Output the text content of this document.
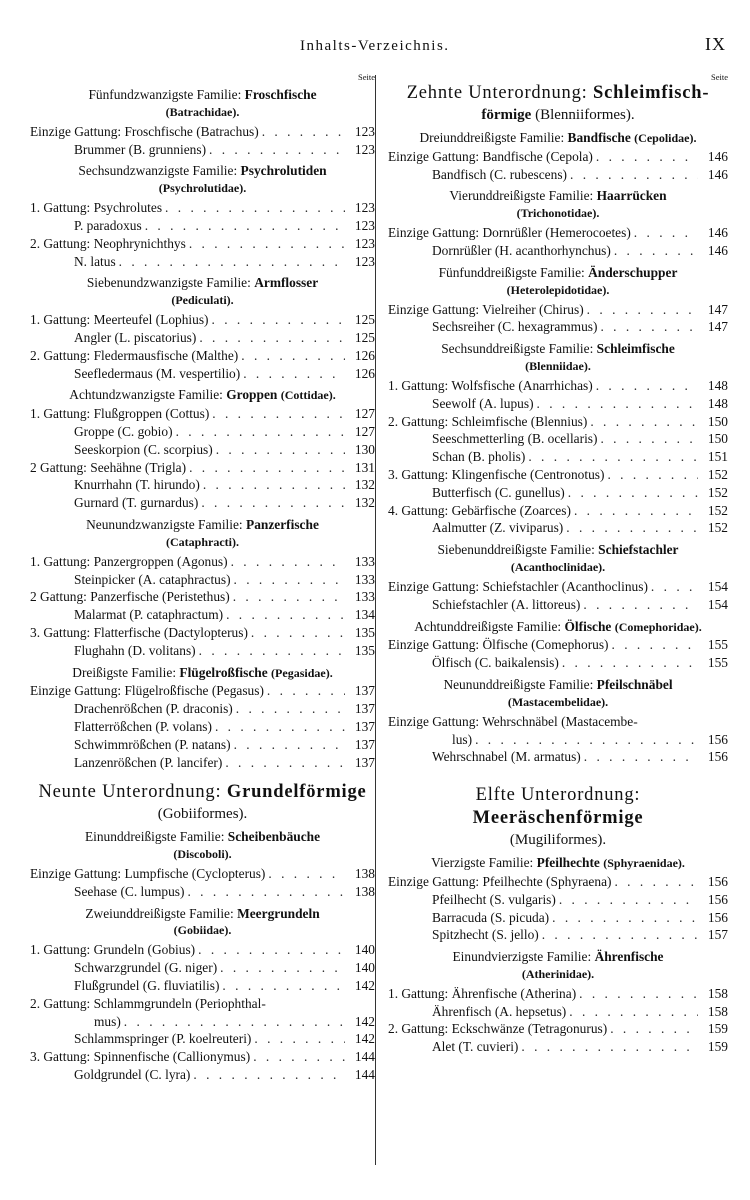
Inhalts-Verzeichnis.	IX
Seite
Fünfundzwanzigste Familie: Froschfische
(Batrachidae).
Einzige Gattung: Froschfische (Batrachus) . . .	123
Brummer (B. grunniens) . . .	123
Sechsundzwanzigste Familie: Psychrolutiden
(Psychrolutidae).
1. Gattung: Psychrolutes . . .	123
P. paradoxus . . .	123
2. Gattung: Neophrynichthys . . .	123
N. latus . . .	123
Siebenundzwanzigste Familie: Armflosser
(Pediculati).
1. Gattung: Meerteufel (Lophius) . . .	125
Angler (L. piscatorius) . . .	125
2. Gattung: Fledermausfische (Malthe) . . .	126
Seefledermaus (M. vespertilio) . . .	126
Achtundzwanzigste Familie: Groppen (Cottidae).
1. Gattung: Flußgroppen (Cottus) . . .	127
Groppe (C. gobio) . . .	127
Seeskorpion (C. scorpius) . . .	130
2 Gattung: Seehähne (Trigla) . . .	131
Knurrhahn (T. hirundo) . . .	132
Gurnard (T. gurnardus) . . .	132
Neunundzwanzigste Familie: Panzerfische
(Cataphracti).
1. Gattung: Panzergroppen (Agonus) . . .	133
Steinpicker (A. cataphractus) . . .	133
2 Gattung: Panzerfische (Peristethus) . . .	133
Malarmat (P. cataphractum) . . .	134
3. Gattung: Flatterfische (Dactylopterus) . . .	135
Flughahn (D. volitans) . . .	135
Dreißigste Familie: Flügelroßfische (Pegasidae).
Einzige Gattung: Flügelroßfische (Pegasus) . . .	137
Drachenrößchen (P. draconis) . . .	137
Flatterrößchen (P. volans) . . .	137
Schwimmrößchen (P. natans) . . .	137
Lanzenrößchen (P. lancifer) . . .	137
Neunte Unterordnung: Grundelförmige
(Gobiiformes).
Einunddreißigste Familie: Scheibenbäuche
(Discoboli).
Einzige Gattung: Lumpfische (Cyclopterus) . . .	138
Seehase (C. lumpus) . . .	138
Zweiunddreißigste Familie: Meergrundeln
(Gobiidae).
1. Gattung: Grundeln (Gobius) . . .	140
Schwarzgrundel (G. niger) . . .	140
Flußgrundel (G. fluviatilis) . . .	142
2. Gattung: Schlammgrundeln (Periophthal-
mus) . . .	142
Schlammspringer (P. koelreuteri) . . .	142
3. Gattung: Spinnenfische (Callionymus) . . .	144
Goldgrundel (C. lyra) . . .	144
Seite
Zehnte Unterordnung: Schleimfisch-
förmige (Blenniiformes).
Dreiunddreißigste Familie: Bandfische (Cepolidae).
Einzige Gattung: Bandfische (Cepola) . . .	146
Bandfisch (C. rubescens) . . .	146
Vierunddreißigste Familie: Haarrücken
(Trichonotidae).
Einzige Gattung: Dornrüßler (Hemerocoetes) . . .	146
Dornrüßler (H. acanthorhynchus) . . .	146
Fünfunddreißigste Familie: Änderschupper
(Heterolepidotidae).
Einzige Gattung: Vielreiher (Chirus) . . .	147
Sechsreiher (C. hexagrammus) . . .	147
Sechsunddreißigste Familie: Schleimfische
(Blenniidae).
1. Gattung: Wolfsfische (Anarrhichas) . . .	148
Seewolf (A. lupus) . . .	148
2. Gattung: Schleimfische (Blennius) . . .	150
Seeschmetterling (B. ocellaris) . . .	150
Schan (B. pholis) . . .	151
3. Gattung: Klingenfische (Centronotus) . . .	152
Butterfisch (C. gunellus) . . .	152
4. Gattung: Gebärfische (Zoarces) . . .	152
Aalmutter (Z. viviparus) . . .	152
Siebenunddreißigste Familie: Schiefstachler
(Acanthoclinidae).
Einzige Gattung: Schiefstachler (Acanthoclinus) . . .	154
Schiefstachler (A. littoreus) . . .	154
Achtunddreißigste Familie: Ölfische (Comephoridae).
Einzige Gattung: Ölfische (Comephorus) . . .	155
Ölfisch (C. baikalensis) . . .	155
Neununddreißigste Familie: Pfeilschnäbel
(Mastacembelidae).
Einzige Gattung: Wehrschnäbel (Mastacembe-
lus) . . .	156
Wehrschnabel (M. armatus) . . .	156
Elfte Unterordnung: Meeräschenförmige
(Mugiliformes).
Vierzigste Familie: Pfeilhechte (Sphyraenidae).
Einzige Gattung: Pfeilhechte (Sphyraena) . . .	156
Pfeilhecht (S. vulgaris) . . .	156
Barracuda (S. picuda) . . .	156
Spitzhecht (S. jello) . . .	157
Einundvierzigste Familie: Ährenfische
(Atherinidae).
1. Gattung: Ährenfische (Atherina) . . .	158
Ährenfisch (A. hepsetus) . . .	158
2. Gattung: Eckschwänze (Tetragonurus) . . .	159
Alet (T. cuvieri) . . .	159
